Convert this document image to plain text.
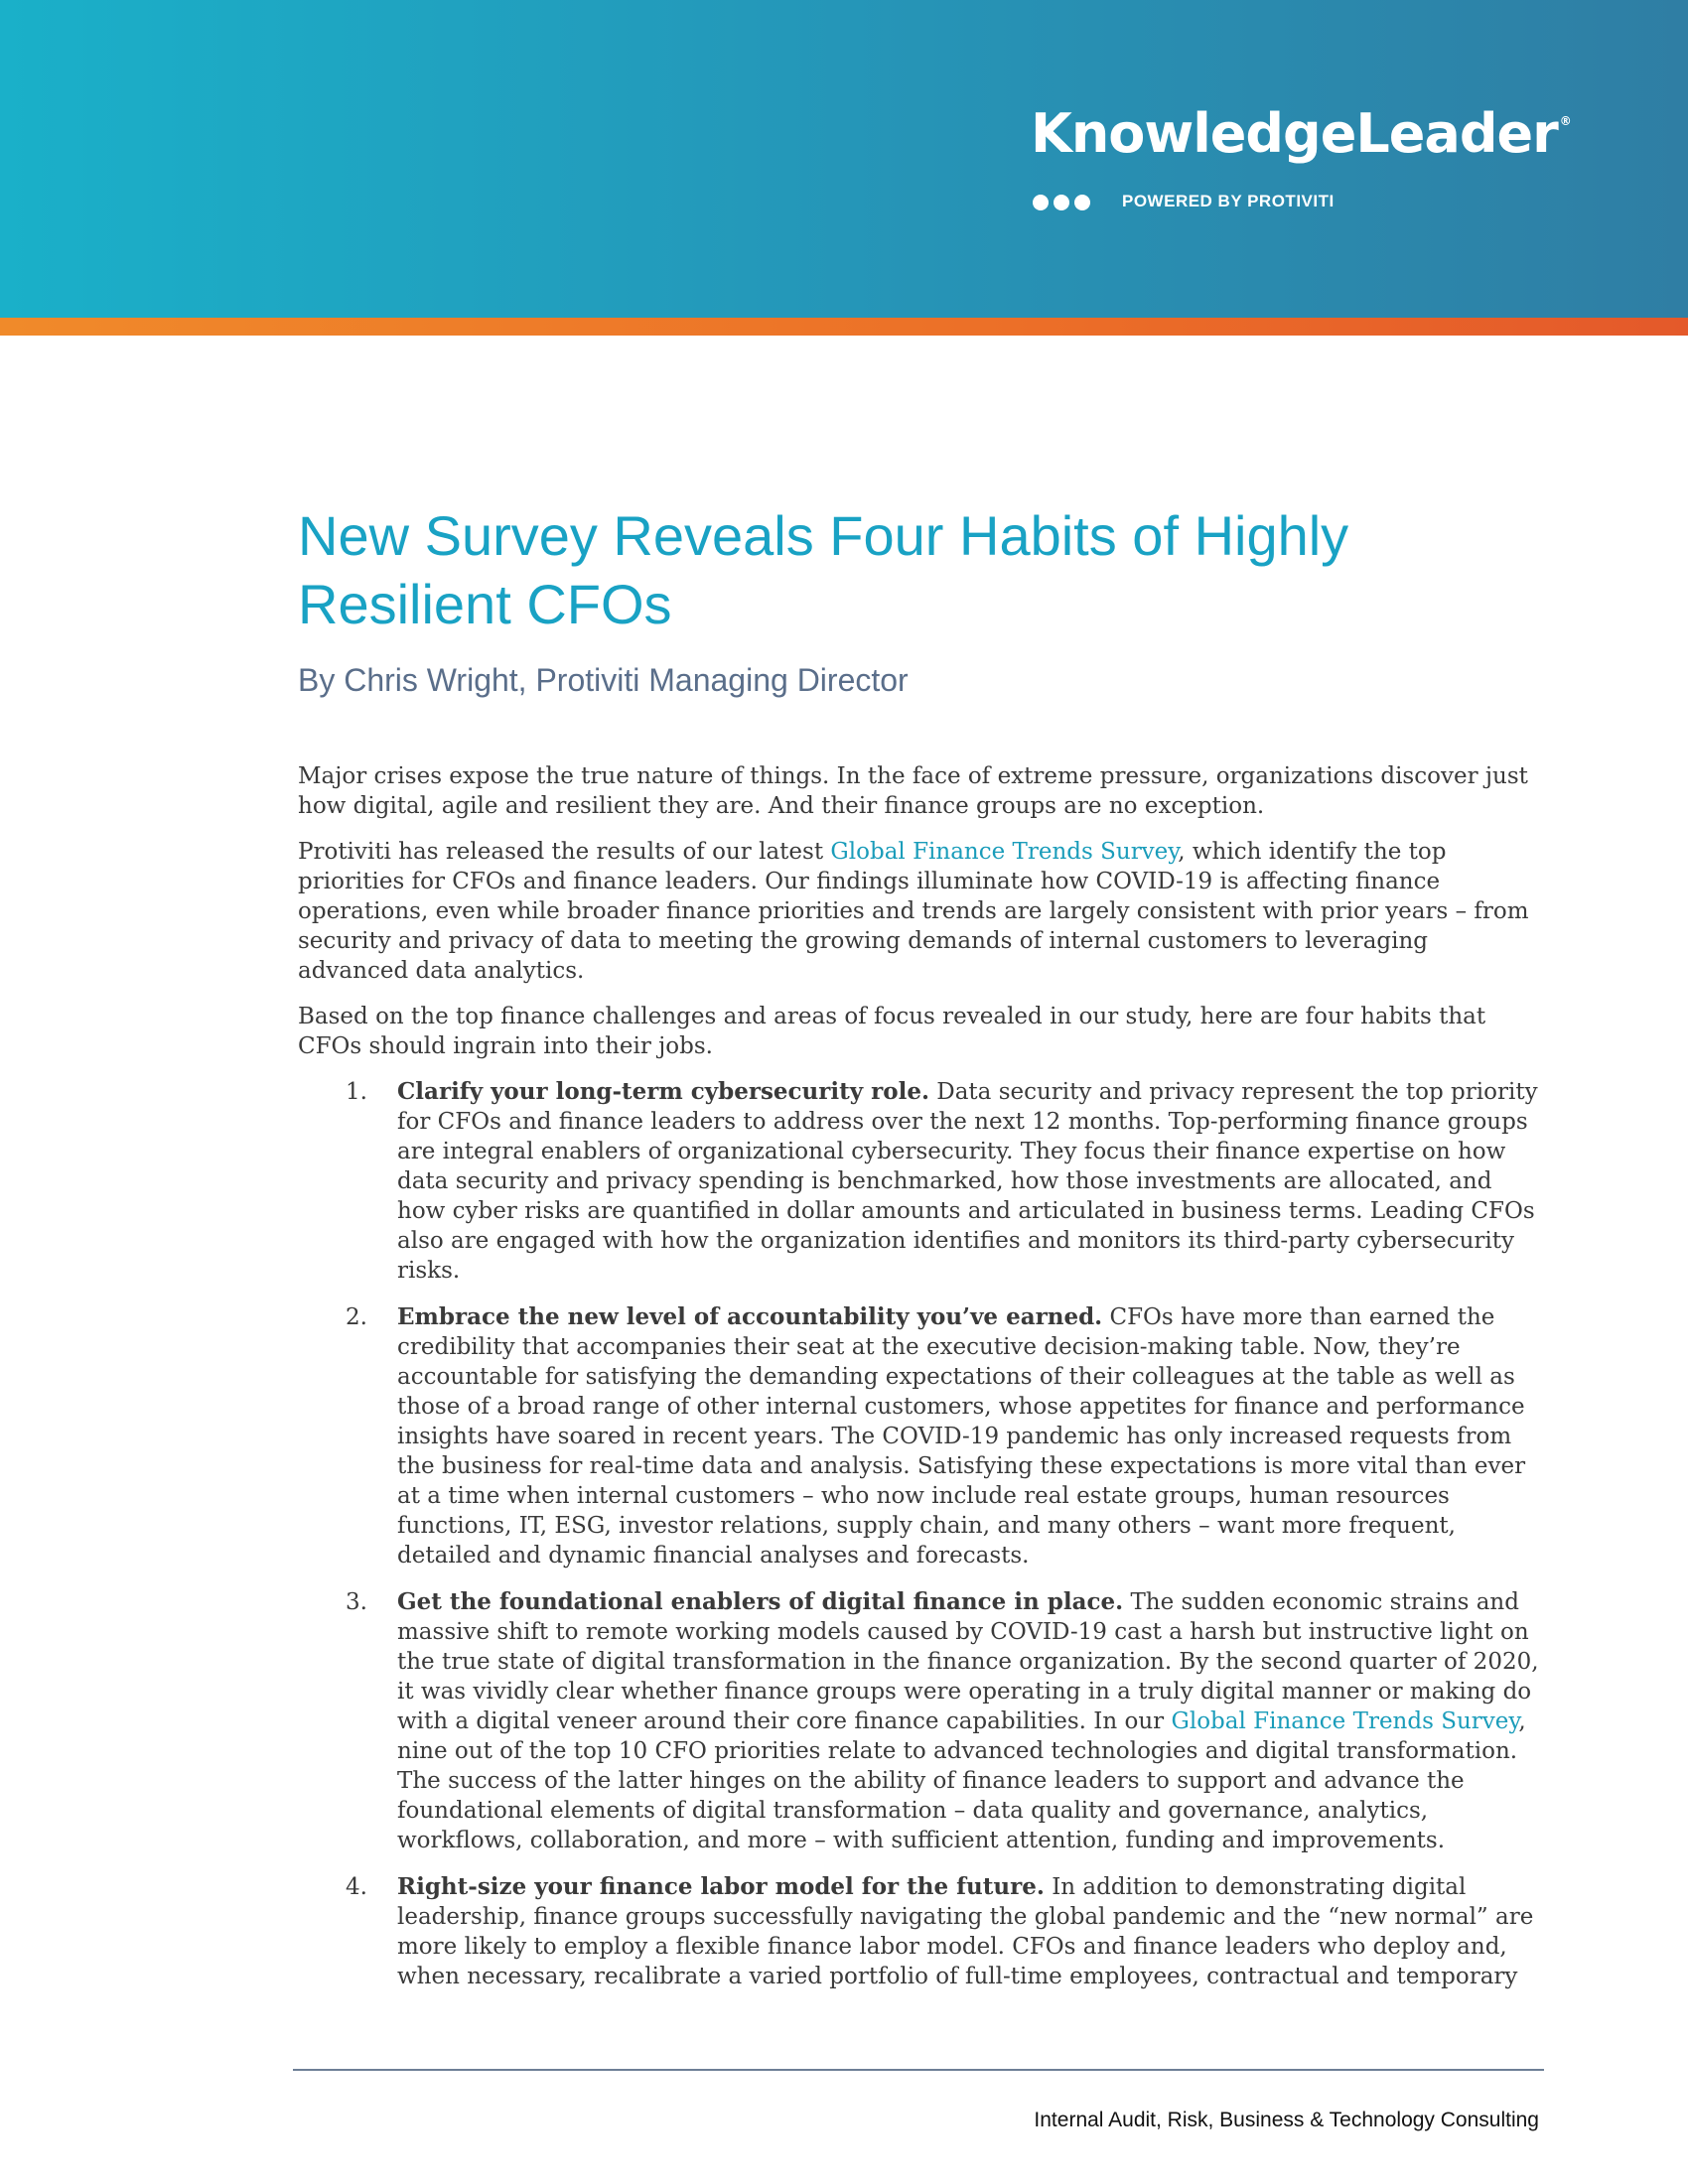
KnowledgeLeader ®
POWERED BY PROTIVITI
New Survey Reveals Four Habits of Highly Resilient CFOs
By Chris Wright, Protiviti Managing Director

Major crises expose the true nature of things. In the face of extreme pressure, organizations discover just how digital, agile and resilient they are. And their finance groups are no exception.

Protiviti has released the results of our latest Global Finance Trends Survey, which identify the top priorities for CFOs and finance leaders. Our findings illuminate how COVID-19 is affecting finance operations, even while broader finance priorities and trends are largely consistent with prior years – from security and privacy of data to meeting the growing demands of internal customers to leveraging advanced data analytics.

Based on the top finance challenges and areas of focus revealed in our study, here are four habits that CFOs should ingrain into their jobs.

1. Clarify your long-term cybersecurity role. Data security and privacy represent the top priority for CFOs and finance leaders to address over the next 12 months. Top-performing finance groups are integral enablers of organizational cybersecurity. They focus their finance expertise on how data security and privacy spending is benchmarked, how those investments are allocated, and how cyber risks are quantified in dollar amounts and articulated in business terms. Leading CFOs also are engaged with how the organization identifies and monitors its third-party cybersecurity risks.
2. Embrace the new level of accountability you’ve earned. CFOs have more than earned the credibility that accompanies their seat at the executive decision-making table. Now, they’re accountable for satisfying the demanding expectations of their colleagues at the table as well as those of a broad range of other internal customers, whose appetites for finance and performance insights have soared in recent years. The COVID-19 pandemic has only increased requests from the business for real-time data and analysis. Satisfying these expectations is more vital than ever at a time when internal customers – who now include real estate groups, human resources functions, IT, ESG, investor relations, supply chain, and many others – want more frequent, detailed and dynamic financial analyses and forecasts.
3. Get the foundational enablers of digital finance in place. The sudden economic strains and massive shift to remote working models caused by COVID-19 cast a harsh but instructive light on the true state of digital transformation in the finance organization. By the second quarter of 2020, it was vividly clear whether finance groups were operating in a truly digital manner or making do with a digital veneer around their core finance capabilities. In our Global Finance Trends Survey, nine out of the top 10 CFO priorities relate to advanced technologies and digital transformation. The success of the latter hinges on the ability of finance leaders to support and advance the foundational elements of digital transformation – data quality and governance, analytics, workflows, collaboration, and more – with sufficient attention, funding and improvements.
4. Right-size your finance labor model for the future. In addition to demonstrating digital leadership, finance groups successfully navigating the global pandemic and the “new normal” are more likely to employ a flexible finance labor model. CFOs and finance leaders who deploy and, when necessary, recalibrate a varied portfolio of full-time employees, contractual and temporary
Internal Audit, Risk, Business & Technology Consulting
